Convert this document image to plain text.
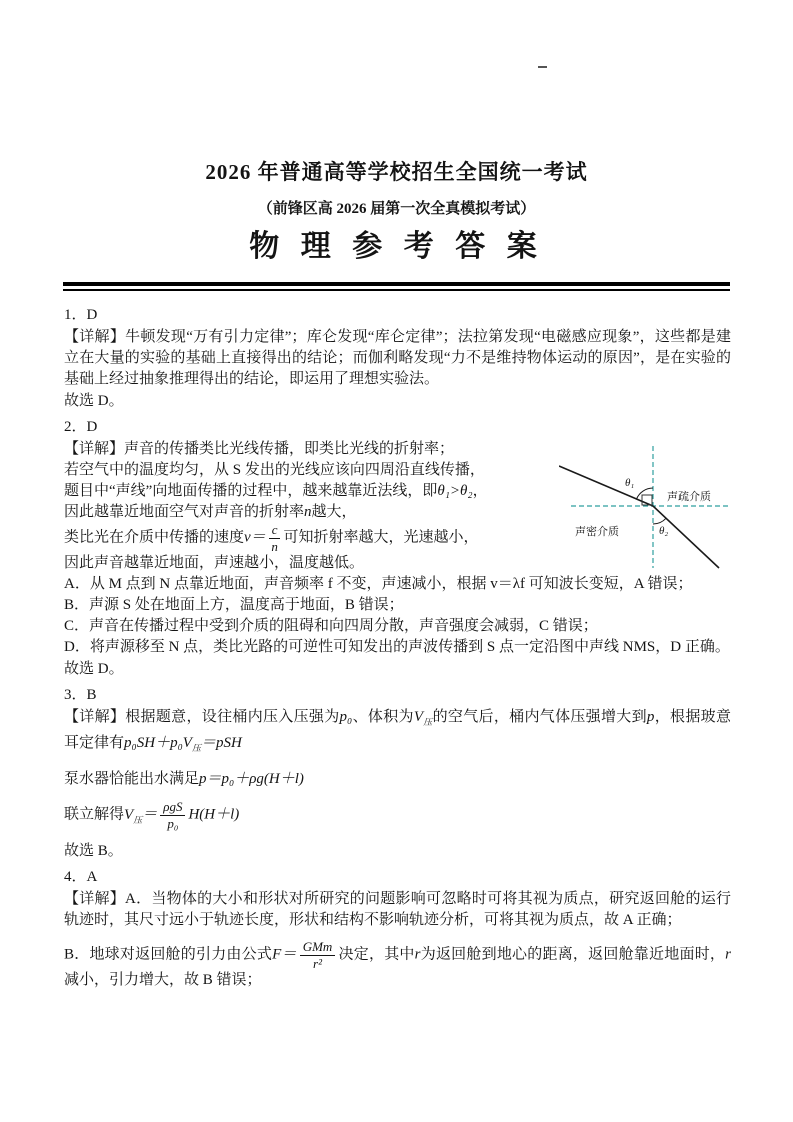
2026 年普通高等学校招生全国统一考试
（前锋区高 2026 届第一次全真模拟考试）
物 理 参 考 答 案
1．D

【详解】牛顿发现“万有引力定律”；库仑发现“库仑定律”；法拉第发现“电磁感应现象”，这些都是建立在大量的实验的基础上直接得出的结论；而伽利略发现“力不是维持物体运动的原因”，是在实验的基础上经过抽象推理得出的结论，即运用了理想实验法。

故选 D。
2．D

【详解】声音的传播类比光线传播，即类比光线的折射率；

θ₁
θ₂
声疏介质
声密介质

若空气中的温度均匀，从 S 发出的光线应该向四周沿直线传播，

题目中“声线”向地面传播的过程中，越来越靠近法线，即θ₁>θ₂，

因此越靠近地面空气对声音的折射率n越大，

类比光在介质中传播的速度$v= \frac{c}{n}$ 可知折射率越大，光速越小，

因此声音越靠近地面，声速越小，温度越低。

A．从 M 点到 N 点靠近地面，声音频率 f 不变，声速减小，根据 v＝λf 可知波长变短，A 错误；

B．声源 S 处在地面上方，温度高于地面，B 错误；

C．声音在传播过程中受到介质的阻碍和向四周分散，声音强度会减弱，C 错误；

D．将声源移至 N 点，类比光路的可逆性可知发出的声波传播到 S 点一定沿图中声线 NMS，D 正确。

故选 D。
3．B

【详解】根据题意，设往桶内压入压强为p₀、体积为$V_压$的空气后，桶内气体压强增大到p，根据玻意耳定律有$p_0SH+p_0V_压=pSH$

泵水器恰能出水满足p＝p₀＋ρg(H＋l)

联立解得$V_压= \frac{\text{ρgS}}{\text{p₀}} H(H+l)$

故选 B。
4．A

【详解】A．当物体的大小和形状对所研究的问题影响可忽略时可将其视为质点，研究返回舱的运行轨迹时，其尺寸远小于轨迹长度，形状和结构不影响轨迹分析，可将其视为质点，故 A 正确；

B．地球对返回舱的引力由公式$F= \frac{\text{GMm}}{\text{r²}}$ 决定，其中r为返回舱到地心的距离，返回舱靠近地面时，r减小，引力增大，故 B 错误；
